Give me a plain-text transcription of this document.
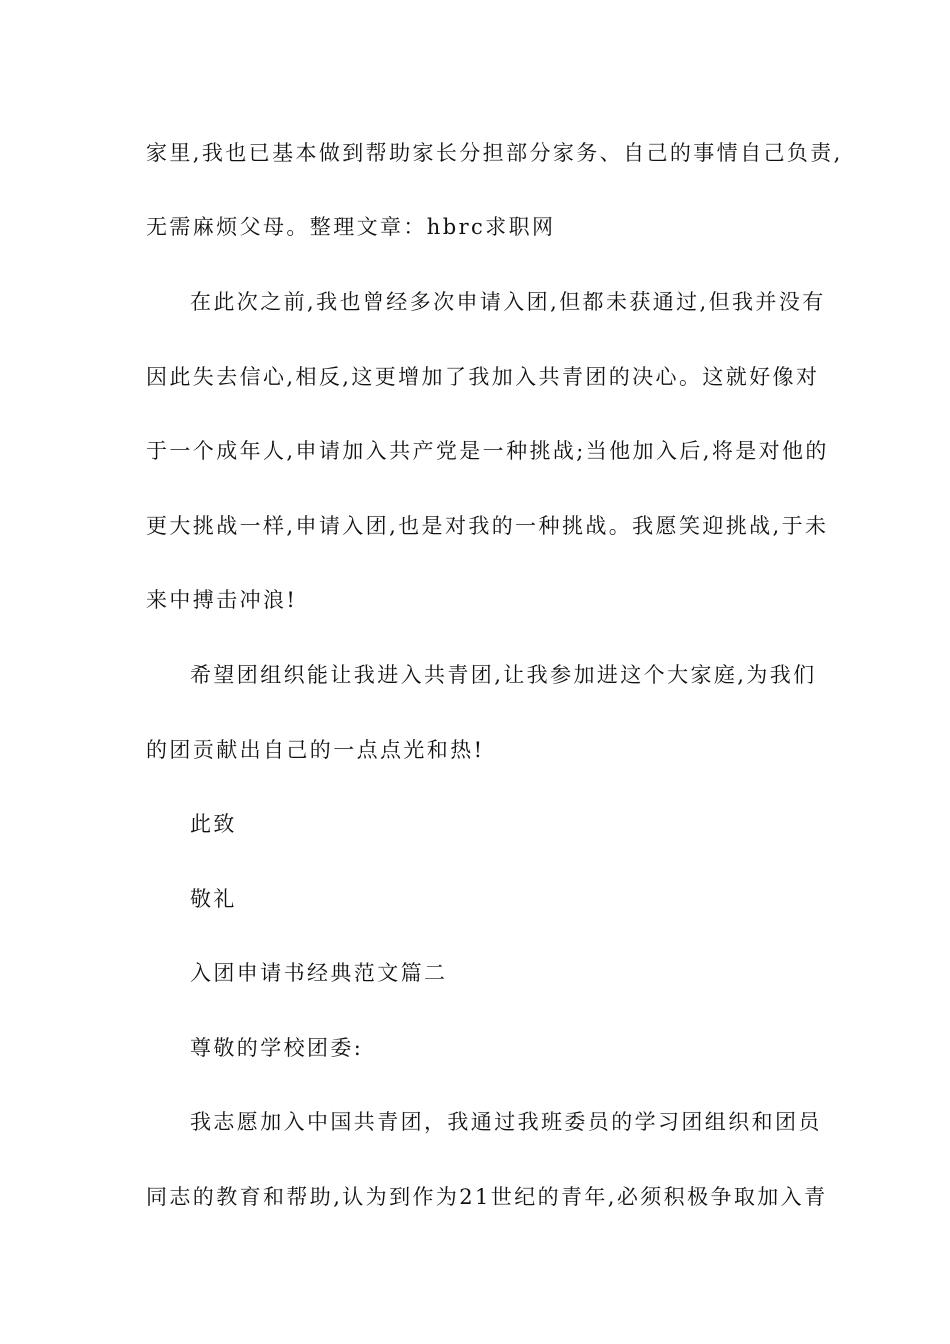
家里,我也已基本做到帮助家长分担部分家务、自己的事情自己负责,
无需麻烦父母。整理文章：hbrc求职网
在此次之前,我也曾经多次申请入团,但都未获通过,但我并没有
因此失去信心,相反,这更增加了我加入共青团的决心。这就好像对
于一个成年人,申请加入共产党是一种挑战;当他加入后,将是对他的
更大挑战一样,申请入团,也是对我的一种挑战。我愿笑迎挑战,于未
来中搏击冲浪!
希望团组织能让我进入共青团,让我参加进这个大家庭,为我们
的团贡献出自己的一点点光和热!
此致
敬礼
入团申请书经典范文篇二
尊敬的学校团委:
我志愿加入中国共青团，我通过我班委员的学习团组织和团员
同志的教育和帮助,认为到作为21世纪的青年,必须积极争取加入青
